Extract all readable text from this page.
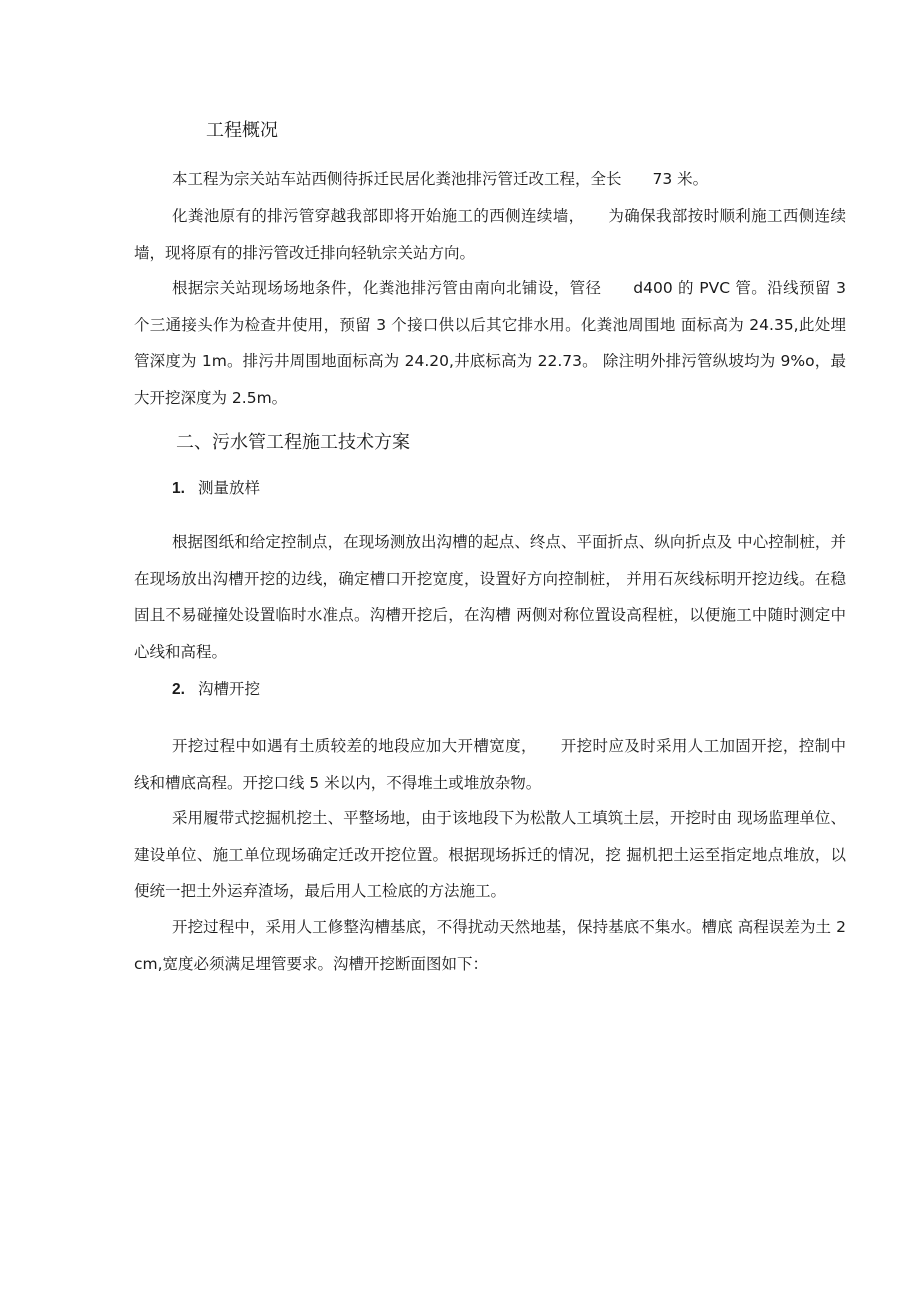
工程概况
本工程为宗关站车站西侧待拆迁民居化粪池排污管迁改工程，全长　　73 米。
化粪池原有的排污管穿越我部即将开始施工的西侧连续墙，　　为确保我部按时顺利施工西侧连续墙，现将原有的排污管改迁排向轻轨宗关站方向。
根据宗关站现场场地条件，化粪池排污管由南向北铺设，管径　　d400 的 PVC 管。沿线预留 3 个三通接头作为检查井使用，预留 3 个接口供以后其它排水用。化粪池周围地 面标高为 24.35,此处埋管深度为 1m。排污井周围地面标高为 24.20,井底标高为 22.73。 除注明外排污管纵坡均为 9%o，最大开挖深度为 2.5m。
二、污水管工程施工技术方案
1. 测量放样
根据图纸和给定控制点，在现场测放出沟槽的起点、终点、平面折点、纵向折点及 中心控制桩，并在现场放出沟槽开挖的边线，确定槽口开挖宽度，设置好方向控制桩， 并用石灰线标明开挖边线。在稳固且不易碰撞处设置临时水准点。沟槽开挖后，在沟槽 两侧对称位置设高程桩，以便施工中随时测定中心线和高程。
2. 沟槽开挖
开挖过程中如遇有土质较差的地段应加大开槽宽度，　　开挖时应及时采用人工加固开挖，控制中线和槽底高程。开挖口线 5 米以内，不得堆土或堆放杂物。
采用履带式挖掘机挖土、平整场地，由于该地段下为松散人工填筑土层，开挖时由 现场监理单位、建设单位、施工单位现场确定迁改开挖位置。根据现场拆迁的情况，挖 掘机把土运至指定地点堆放，以便统一把土外运弃渣场，最后用人工检底的方法施工。
开挖过程中，采用人工修整沟槽基底，不得扰动天然地基，保持基底不集水。槽底 高程误差为土 2 cm,宽度必须满足埋管要求。沟槽开挖断面图如下：
